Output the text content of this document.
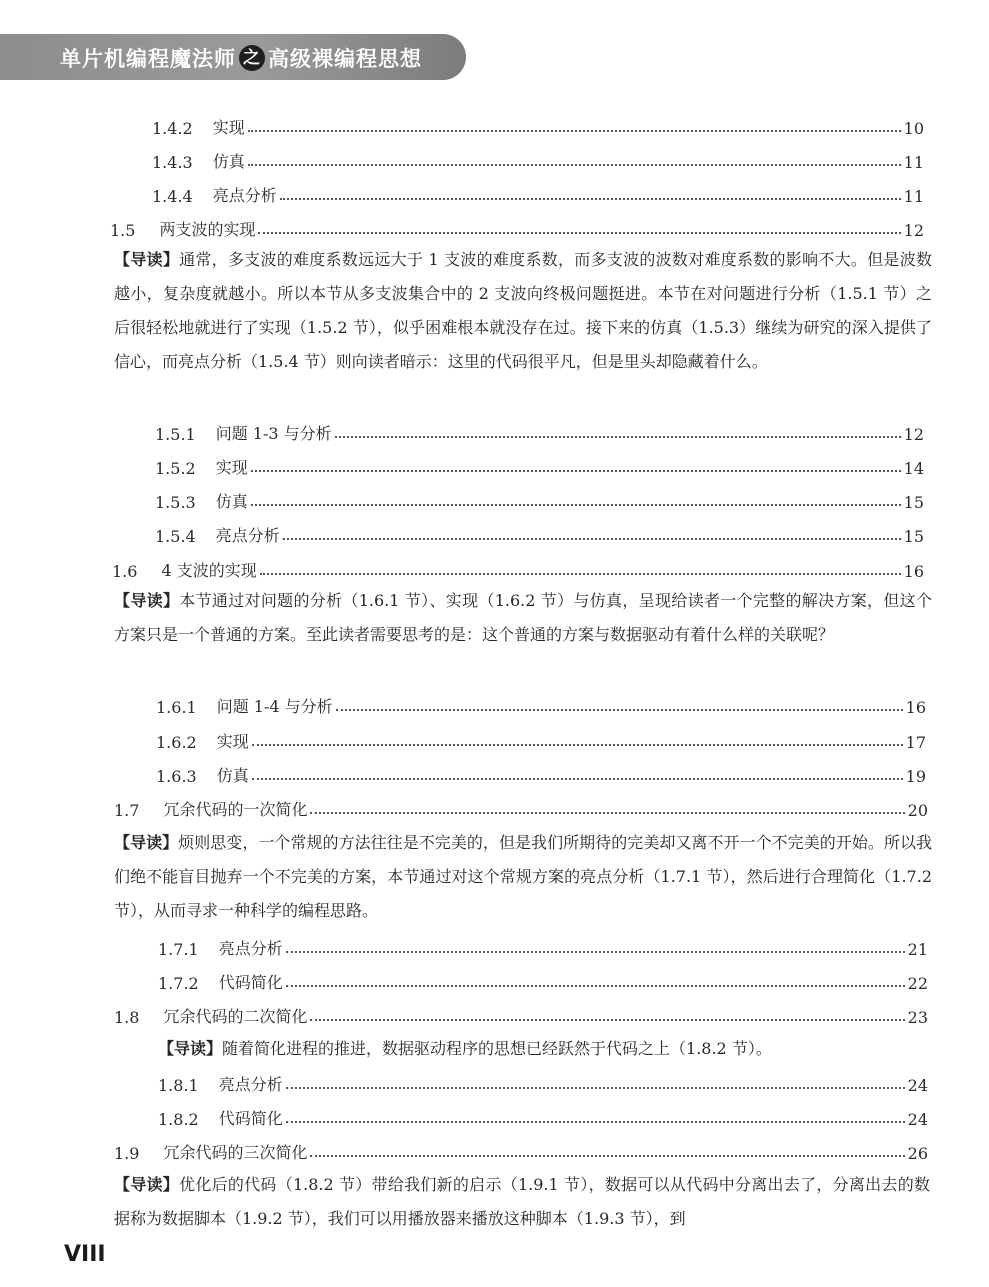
单片机编程魔法师 之 高级裸编程思想
1.4.2 实现	10
1.4.3 仿真	11
1.4.4 亮点分析	11
1.5 两支波的实现	12
【导读】通常，多支波的难度系数远远大于 1 支波的难度系数，而多支波的波数对难度系数的影响不大。但是波数越小，复杂度就越小。所以本节从多支波集合中的 2 支波向终极问题挺进。本节在对问题进行分析（1.5.1 节）之后很轻松地就进行了实现（1.5.2 节），似乎困难根本就没存在过。接下来的仿真（1.5.3）继续为研究的深入提供了信心，而亮点分析（1.5.4 节）则向读者暗示：这里的代码很平凡，但是里头却隐藏着什么。
1.5.1 问题 1-3 与分析	12
1.5.2 实现	14
1.5.3 仿真	15
1.5.4 亮点分析	15
1.6 4 支波的实现	16
【导读】本节通过对问题的分析（1.6.1 节）、实现（1.6.2 节）与仿真，呈现给读者一个完整的解决方案，但这个方案只是一个普通的方案。至此读者需要思考的是：这个普通的方案与数据驱动有着什么样的关联呢？
1.6.1 问题 1-4 与分析	16
1.6.2 实现	17
1.6.3 仿真	19
1.7 冗余代码的一次简化	20
【导读】烦则思变，一个常规的方法往往是不完美的，但是我们所期待的完美却又离不开一个不完美的开始。所以我们绝不能盲目抛弃一个不完美的方案，本节通过对这个常规方案的亮点分析（1.7.1 节），然后进行合理简化（1.7.2 节），从而寻求一种科学的编程思路。
1.7.1 亮点分析	21
1.7.2 代码简化	22
1.8 冗余代码的二次简化	23
【导读】随着简化进程的推进，数据驱动程序的思想已经跃然于代码之上（1.8.2 节）。
1.8.1 亮点分析	24
1.8.2 代码简化	24
1.9 冗余代码的三次简化	26
【导读】优化后的代码（1.8.2 节）带给我们新的启示（1.9.1 节），数据可以从代码中分离出去了，分离出去的数据称为数据脚本（1.9.2 节），我们可以用播放器来播放这种脚本（1.9.3 节），到
VIII
